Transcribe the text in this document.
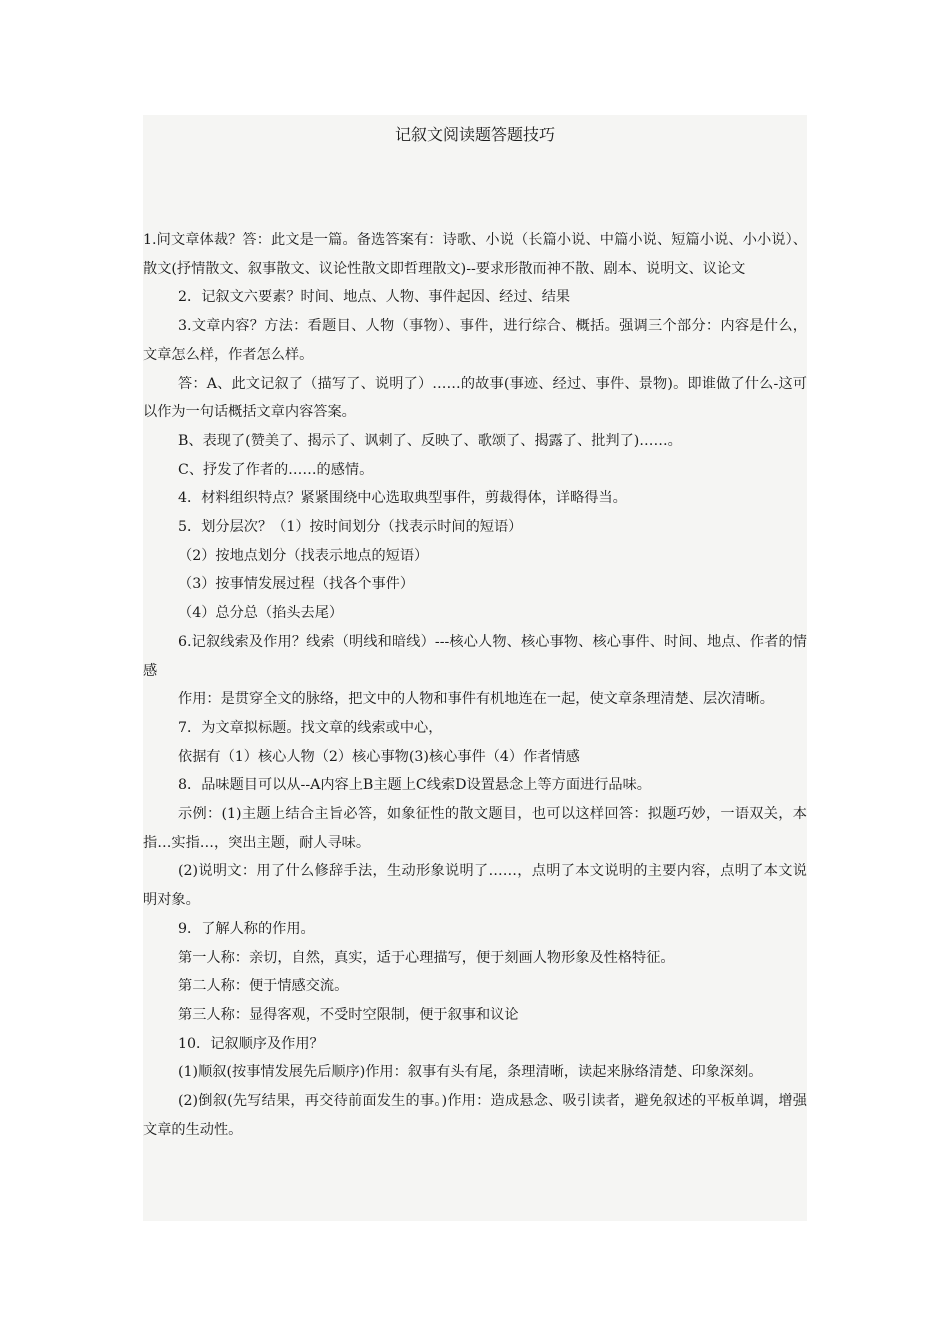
记叙文阅读题答题技巧

1.问文章体裁？答：此文是一篇。备选答案有：诗歌、小说（长篇小说、中篇小说、短篇小说、小小说）、散文(抒情散文、叙事散文、议论性散文即哲理散文)--要求形散而神不散、剧本、说明文、议论文

2．记叙文六要素？时间、地点、人物、事件起因、经过、结果

3.文章内容？方法：看题目、人物（事物）、事件，进行综合、概括。强调三个部分：内容是什么，文章怎么样，作者怎么样。

答：A、此文记叙了（描写了、说明了）……的故事(事迹、经过、事件、景物)。即谁做了什么-这可以作为一句话概括文章内容答案。

B、表现了(赞美了、揭示了、讽刺了、反映了、歌颂了、揭露了、批判了)……。

C、抒发了作者的……的感情。

4．材料组织特点？紧紧围绕中心选取典型事件，剪裁得体，详略得当。

5．划分层次？（1）按时间划分（找表示时间的短语）

（2）按地点划分（找表示地点的短语）

（3）按事情发展过程（找各个事件）

（4）总分总（掐头去尾）

6.记叙线索及作用？线索（明线和暗线）---核心人物、核心事物、核心事件、时间、地点、作者的情感

作用：是贯穿全文的脉络，把文中的人物和事件有机地连在一起，使文章条理清楚、层次清晰。

7．为文章拟标题。找文章的线索或中心，

依据有（1）核心人物（2）核心事物(3)核心事件（4）作者情感

8．品味题目可以从--A内容上B主题上C线索D设置悬念上等方面进行品味。

示例：(1)主题上结合主旨必答，如象征性的散文题目，也可以这样回答：拟题巧妙，一语双关，本指…实指…，突出主题，耐人寻味。

(2)说明文：用了什么修辞手法，生动形象说明了……，点明了本文说明的主要内容，点明了本文说明对象。

9．了解人称的作用。

第一人称：亲切，自然，真实，适于心理描写，便于刻画人物形象及性格特征。

第二人称：便于情感交流。

第三人称：显得客观，不受时空限制，便于叙事和议论

10．记叙顺序及作用？

(1)顺叙(按事情发展先后顺序)作用：叙事有头有尾，条理清晰，读起来脉络清楚、印象深刻。

(2)倒叙(先写结果，再交待前面发生的事。)作用：造成悬念、吸引读者，避免叙述的平板单调，增强文章的生动性。
